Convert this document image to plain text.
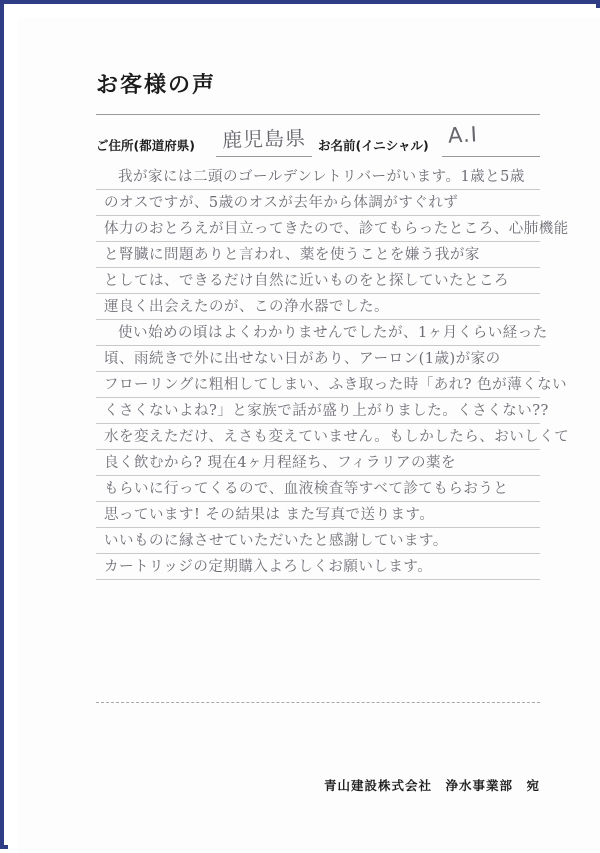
お客様の声
ご住所(都道府県) 鹿児島県 お名前(イニシャル) A.I
我が家には二頭のゴールデンレトリバーがいます。1歳と5歳
のオスですが、5歳のオスが去年から体調がすぐれず
体力のおとろえが目立ってきたので、診てもらったところ、心肺機能
と腎臓に問題ありと言われ、薬を使うことを嫌う我が家
としては、できるだけ自然に近いものをと探していたところ
運良く出会えたのが、この浄水器でした。
使い始めの頃はよくわかりませんでしたが、1ヶ月くらい経った
頃、雨続きで外に出せない日があり、アーロン(1歳)が家の
フローリングに粗相してしまい、ふき取った時「あれ? 色が薄くない
くさくないよね?」と家族で話が盛り上がりました。くさくない??
水を変えただけ、えさも変えていません。もしかしたら、おいしくて
良く飲むから? 現在4ヶ月程経ち、フィラリアの薬を
もらいに行ってくるので、血液検査等すべて診てもらおうと
思っています! その結果は また写真で送ります。
いいものに縁させていただいたと感謝しています。
カートリッジの定期購入よろしくお願いします。
青山建設株式会社　浄水事業部　宛
